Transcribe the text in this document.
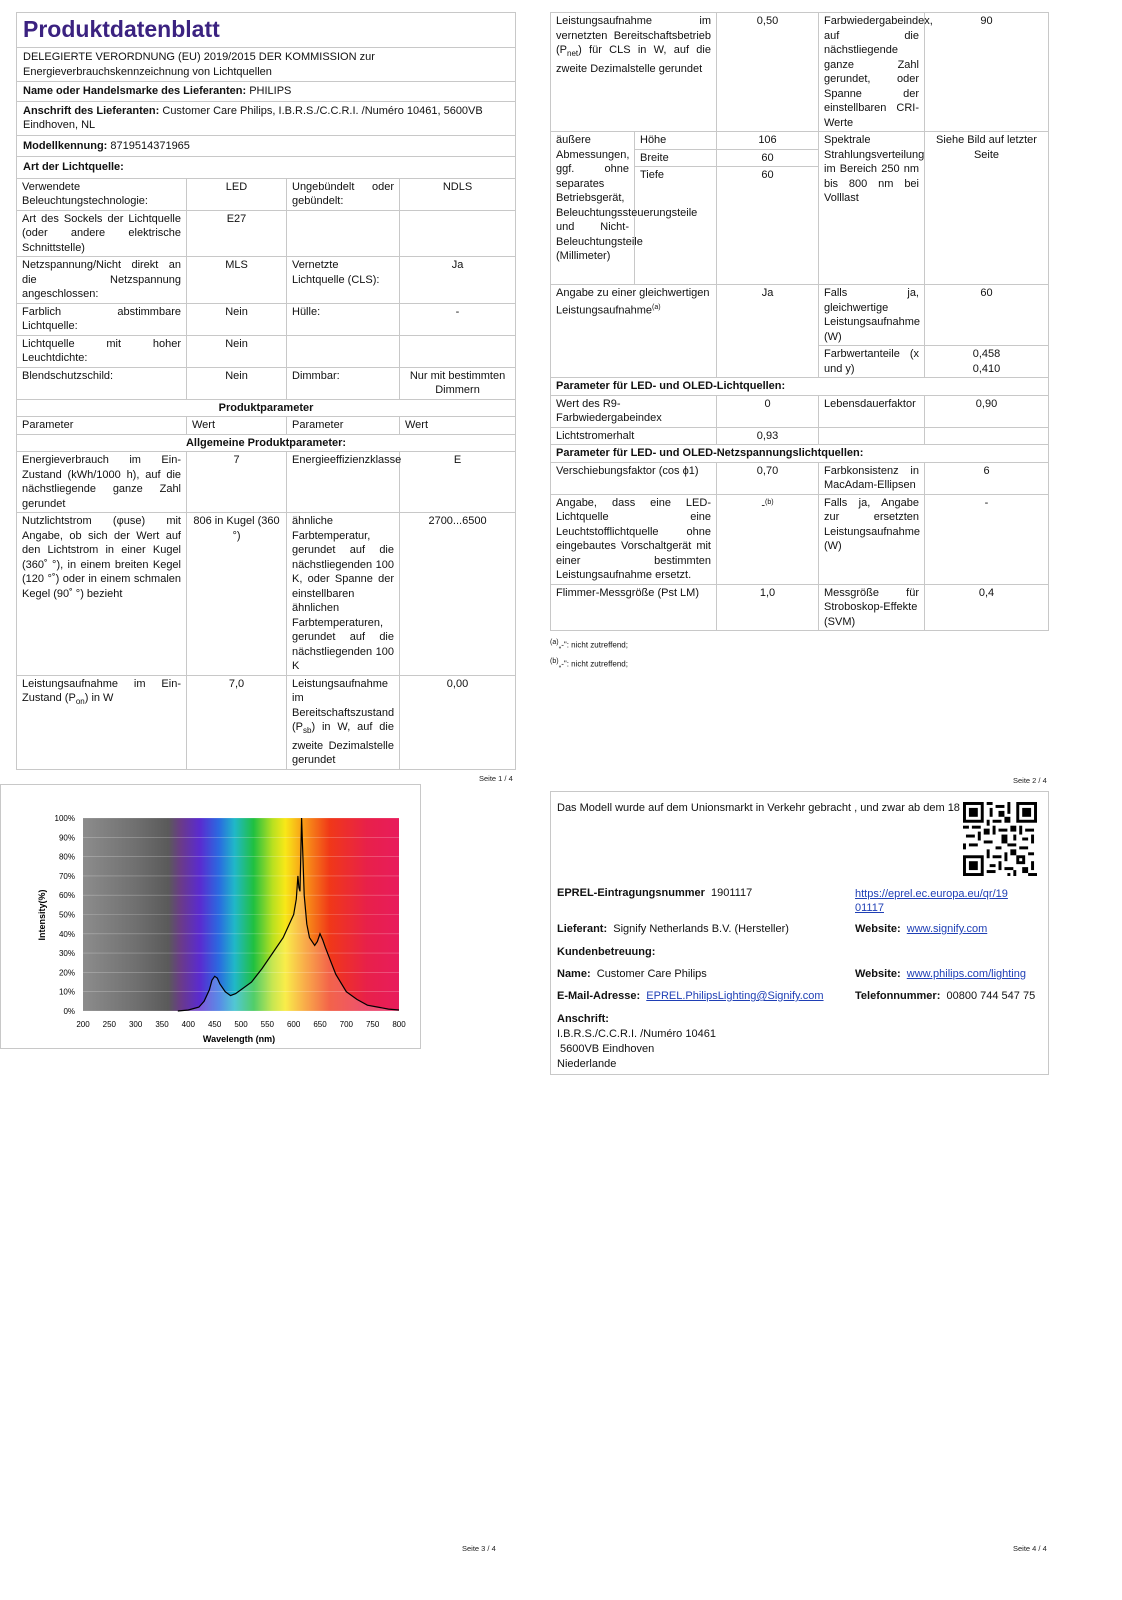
Produktdatenblatt			
DELEGIERTE VERORDNUNG (EU) 2019/2015 DER KOMMISSION zur Energieverbrauchskennzeichnung von Lichtquellen			
Name oder Handelsmarke des Lieferanten: PHILIPS			
Anschrift des Lieferanten: Customer Care Philips, I.B.R.S./C.C.R.I. /Numéro 10461, 5600VB Eindhoven, NL			
Modellkennung: 8719514371965			
Art der Lichtquelle:			
Verwendete Beleuchtungstechnologie:	LED	Ungebündelt oder gebündelt:	NDLS
Art des Sockels der Lichtquelle (oder andere elektrische Schnittstelle)	E27		
Netzspannung/Nicht direkt an die Netzspannung angeschlossen:	MLS	Vernetzte Lichtquelle (CLS):	Ja
Farblich abstimmbare Lichtquelle:	Nein	Hülle:	-
Lichtquelle mit hoher Leuchtdichte:	Nein		
Blendschutzschild:	Nein	Dimmbar:	Nur mit bestimmten Dimmern
Produktparameter			
Parameter	Wert	Parameter	Wert
Allgemeine Produktparameter:			
Energieverbrauch im Ein-Zustand (kWh/1000 h), auf die nächstliegende ganze Zahl gerundet	7	Energieeffizienzklasse	E
Nutzlichtstrom (φuse) mit Angabe, ob sich der Wert auf den Lichtstrom in einer Kugel (360˚ °), in einem breiten Kegel (120 °˚) oder in einem schmalen Kegel (90˚ °) bezieht	806 in Kugel (360 °)	ähnliche Farbtemperatur, gerundet auf die nächstliegenden 100 K, oder Spanne der einstellbaren ähnlichen Farbtemperaturen, gerundet auf die nächstliegenden 100 K	2700...6500
Leistungsaufnahme im Ein-Zustand $(P_{on})$ in W	7,0	Leistungsaufnahme im Bereitschaftszustand $(P_{sb})$ in W, auf die zweite Dezimalstelle gerundet	0,00
Seite 1 / 4
Leistungsaufnahme im vernetzten Bereitschaftsbetrieb $(P_{net})$ für CLS in W, auf die zweite Dezimalstelle gerundet		0,50	Farbwiedergabeindex, auf die nächstliegende ganze Zahl gerundet, oder Spanne der einstellbaren CRI-Werte	90
äußere Abmessungen, ggf. ohne separates Betriebsgerät, Beleuchtungssteuerungsteile und Nicht-Beleuchtungsteile (Millimeter)	Höhe	106	Spektrale Strahlungsverteilung im Bereich 250 nm bis 800 nm bei Volllast	Siehe Bild auf letzter Seite
	Breite	60		
	Tiefe	60		
Angabe zu einer gleichwertigen Leistungsaufnahme$^{(a)}$		Ja	Falls ja, gleichwertige Leistungsaufnahme (W)	60
			Farbwertanteile (x und y)	0,458
0,410

Parameter für LED- und OLED-Lichtquellen:				
Wert des R9-Farbwiedergabeindex		0	Lebensdauerfaktor	0,90
Lichtstromerhalt		0,93		
Parameter für LED- und OLED-Netzspannungslichtquellen:				
Verschiebungsfaktor (cos ϕ1)		0,70	Farbkonsistenz in MacAdam-Ellipsen	6
Angabe, dass eine LED-Lichtquelle eine Leuchtstofflichtquelle ohne eingebautes Vorschaltgerät mit einer bestimmten Leistungsaufnahme ersetzt.		-$^{(b)}$	Falls ja, Angabe zur ersetzten Leistungsaufnahme (W)	-
Flimmer-Messgröße (Pst LM)		1,0	Messgröße für Stroboskop-Effekte (SVM)	0,4
$^{(a)}$„-": nicht zutreffend;
$^{(b)}$„-": nicht zutreffend;
Seite 2 / 4
0%
10%
20%
30%
40%
50%
60%
70%
80%
90%
100%
200 250 300 350 400 450 500 550 600 650 700 750 800
Wavelength (nm)
Intensity(%)
Seite 3 / 4
Das Modell wurde auf dem Unionsmarkt in Verkehr gebracht , und zwar ab dem 18
EPREL-Eintragungsnummer 1901117	https://eprel.ec.europa.eu/qr/19
01117
Lieferant: Signify Netherlands B.V. (Hersteller)	Website: www.signify.com
Kundenbetreuung:
Name: Customer Care Philips	Website: www.philips.com/lighting
E-Mail-Adresse: EPREL.PhilipsLighting@Signify.com	Telefonnummer: 00800 744 547 75
Anschrift:
I.B.R.S./C.C.R.I. /Numéro 10461
5600VB Eindhoven
Niederlande
Seite 4 / 4
